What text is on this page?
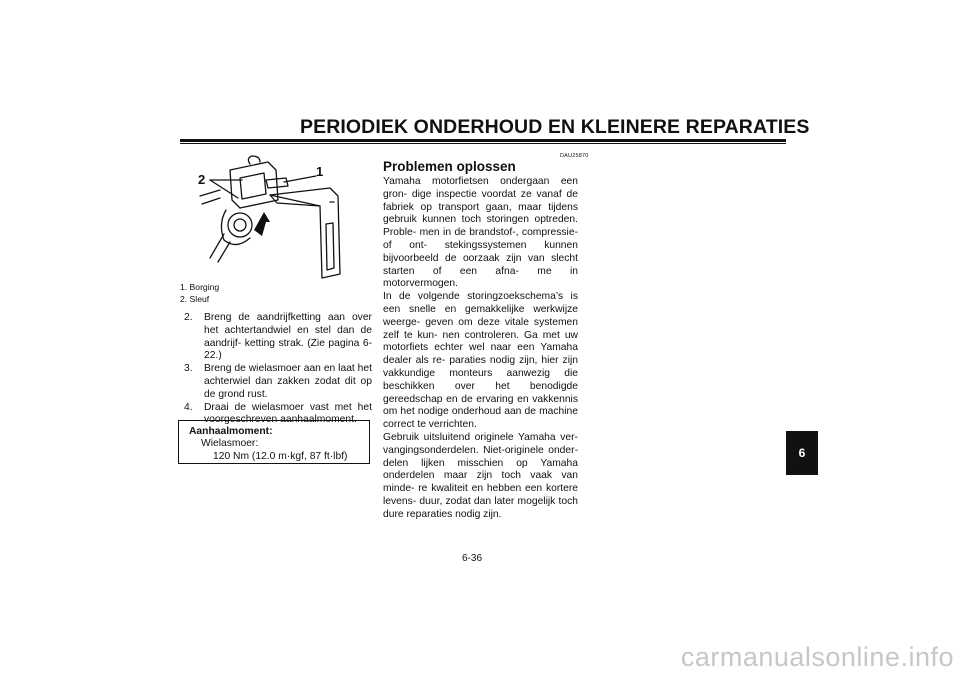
PERIODIEK ONDERHOUD EN KLEINERE REPARATIES
2
1
1. Borging
2. Sleuf
2.	Breng de aandrijfketting aan over het achtertandwiel en stel dan de aandrijf- ketting strak. (Zie pagina 6-22.)
3.	Breng de wielasmoer aan en laat het achterwiel dan zakken zodat dit op de grond rust.
4.	Draai de wielasmoer vast met het voorgeschreven aanhaalmoment.
Aanhaalmoment:
Wielasmoer:
120 Nm (12.0 m·kgf, 87 ft·lbf)
DAU25870
Problemen oplossen

Yamaha motorfietsen ondergaan een gron- dige inspectie voordat ze vanaf de fabriek op transport gaan, maar tijdens gebruik kunnen toch storingen optreden. Proble- men in de brandstof-, compressie- of ont- stekingssystemen kunnen bijvoorbeeld de oorzaak zijn van slecht starten of een afna- me in motorvermogen.

In de volgende storingzoekschema’s is een snelle en gemakkelijke werkwijze weerge- geven om deze vitale systemen zelf te kun- nen controleren. Ga met uw motorfiets echter wel naar een Yamaha dealer als re- paraties nodig zijn, hier zijn vakkundige monteurs aanwezig die beschikken over het benodigde gereedschap en de ervaring en vakkennis om het nodige onderhoud aan de machine correct te verrichten.

Gebruik uitsluitend originele Yamaha ver- vangingsonderdelen. Niet-originele onder- delen lijken misschien op Yamaha onderdelen maar zijn toch vaak van minde- re kwaliteit en hebben een kortere levens- duur, zodat dan later mogelijk toch dure reparaties nodig zijn.

6-36
6
carmanualsonline.info
